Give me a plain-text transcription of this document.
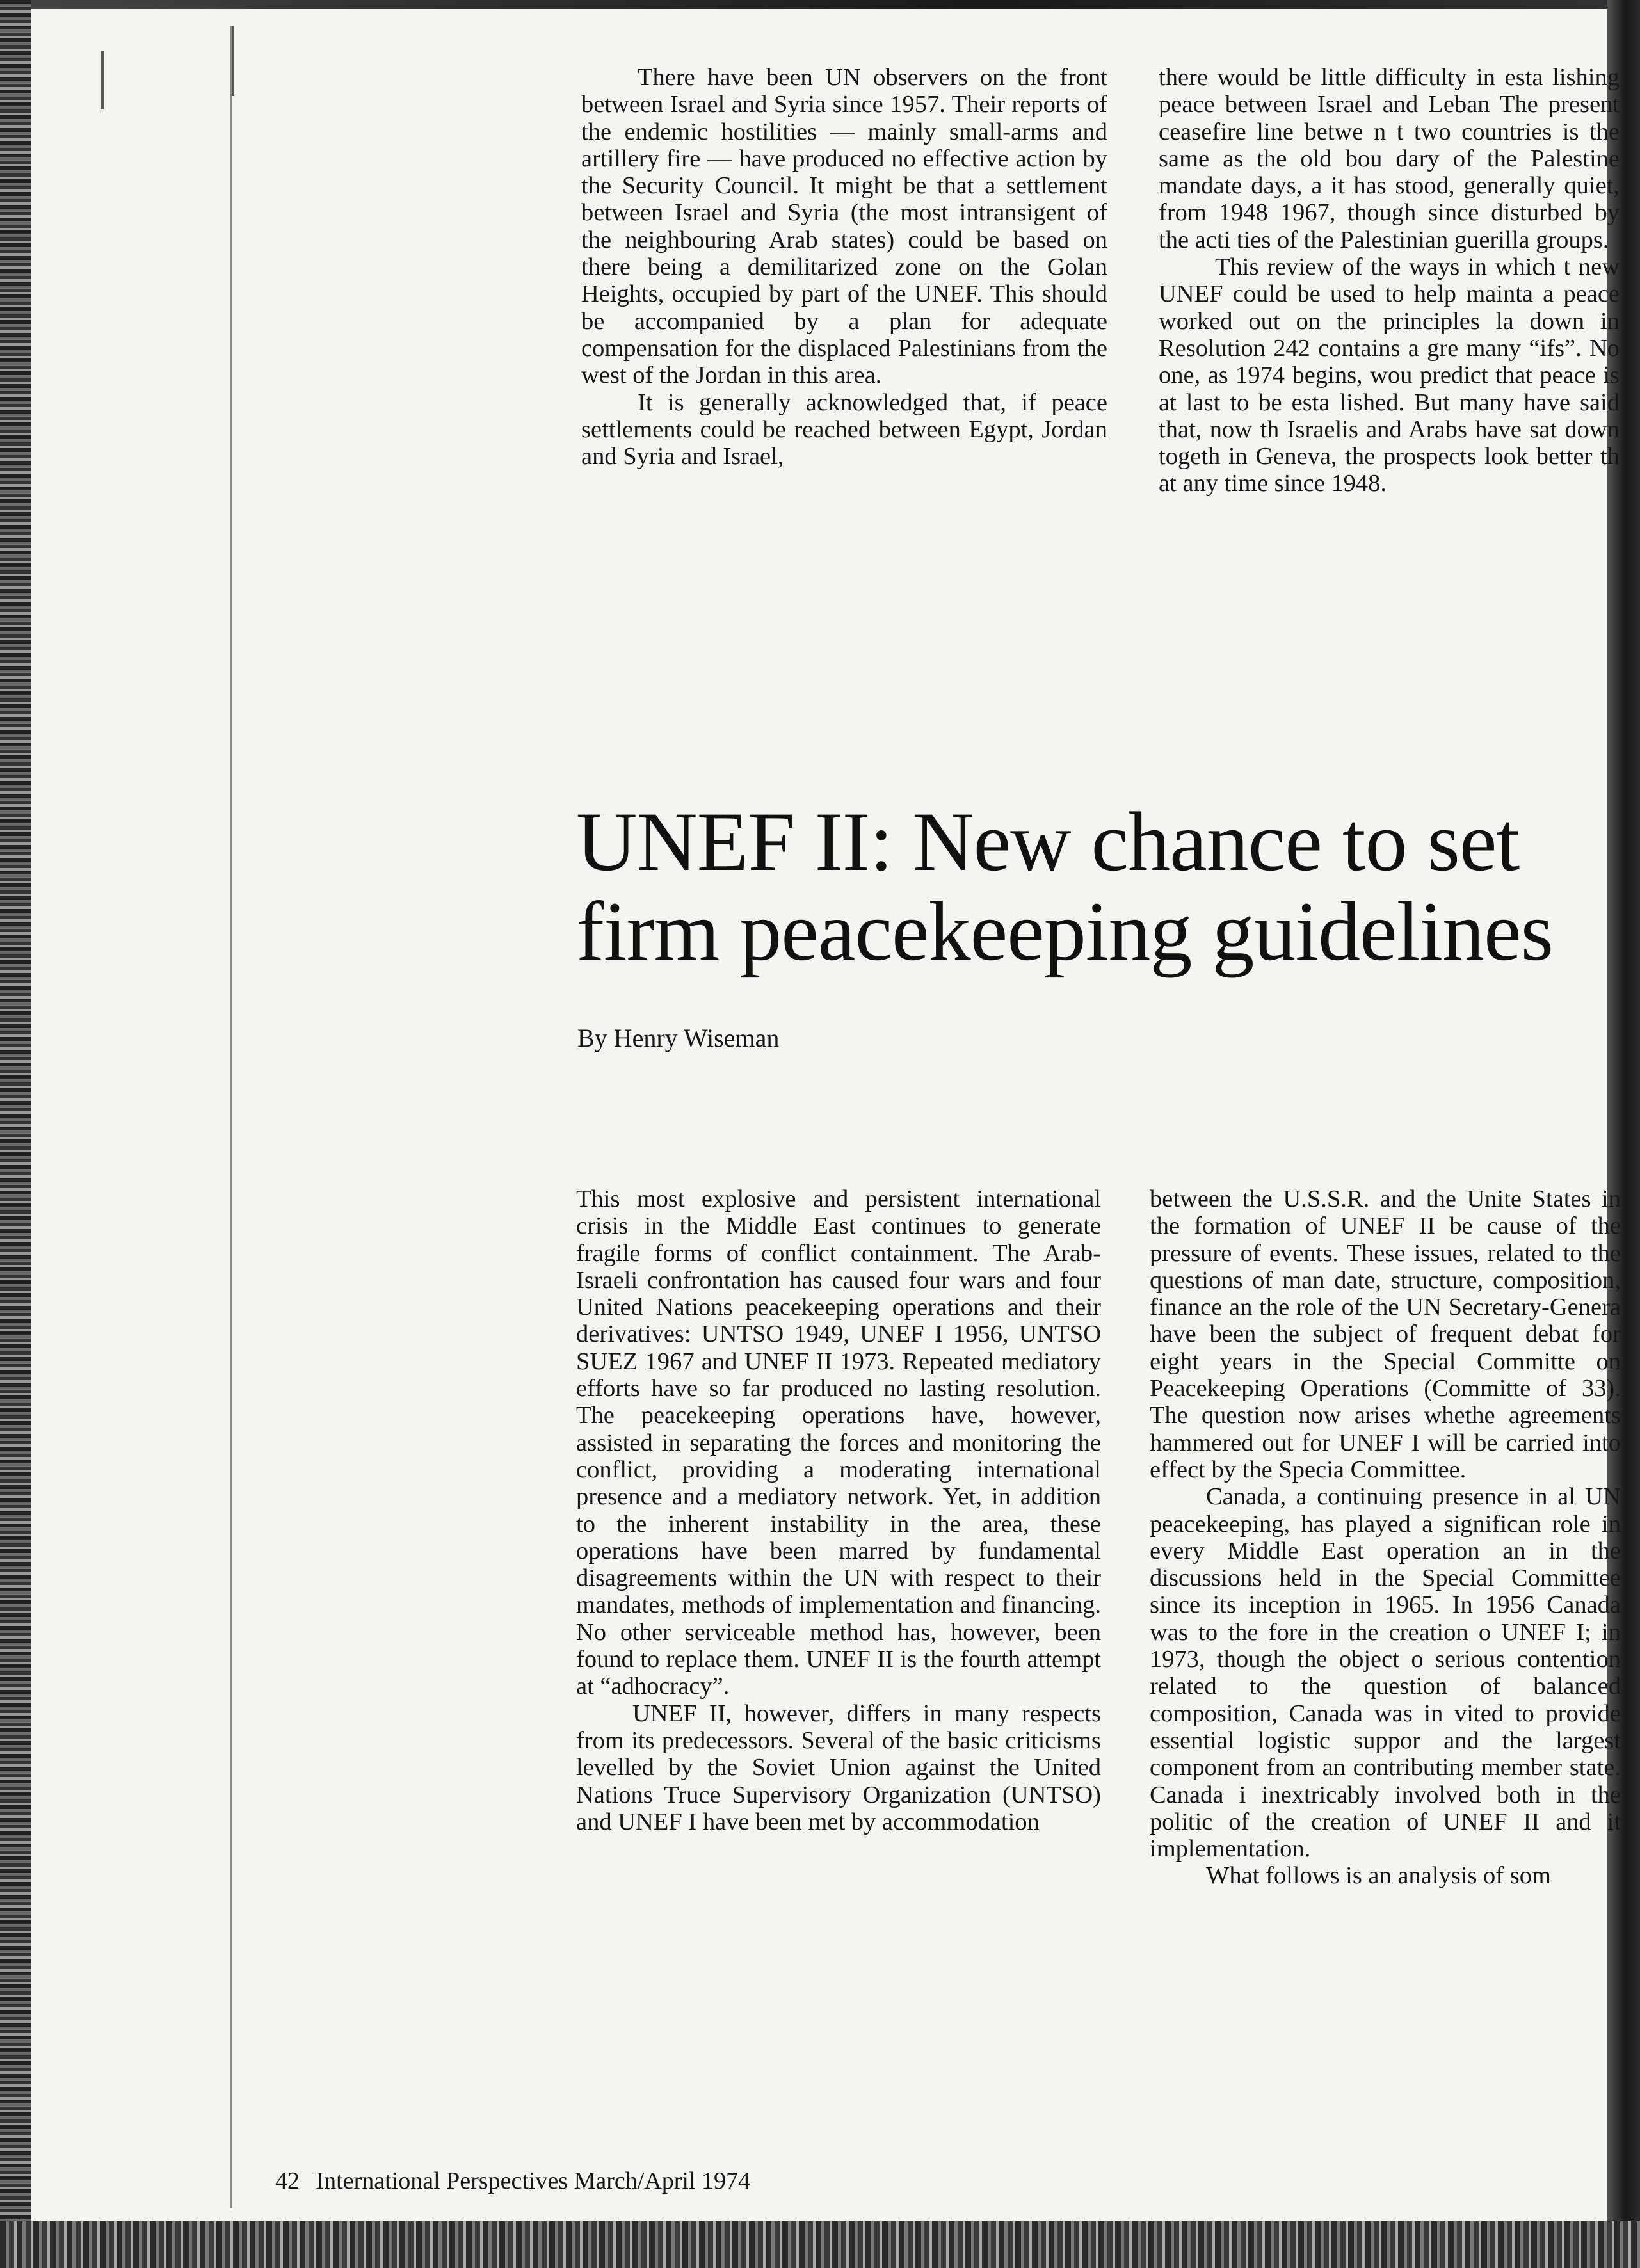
There have been UN observers on the front between Israel and Syria since 1957. Their reports of the endemic hostilities — mainly small-arms and artillery fire — have produced no effective action by the Security Council. It might be that a settlement between Israel and Syria (the most intransigent of the neighbouring Arab states) could be based on there being a demilitarized zone on the Golan Heights, occupied by part of the UNEF. This should be accompanied by a plan for adequate compensation for the displaced Palestinians from the west of the Jordan in this area.

It is generally acknowledged that, if peace settlements could be reached between Egypt, Jordan and Syria and Israel,

there would be little difficulty in esta lishing peace between Israel and Leban The present ceasefire line betwe n t two countries is the same as the old bou dary of the Palestine mandate days, a it has stood, generally quiet, from 1948 1967, though since disturbed by the acti ties of the Palestinian guerilla groups.

This review of the ways in which t new UNEF could be used to help mainta a peace worked out on the principles la down in Resolution 242 contains a gre many “ifs”. No one, as 1974 begins, wou predict that peace is at last to be esta lished. But many have said that, now th Israelis and Arabs have sat down togeth in Geneva, the prospects look better th at any time since 1948.

UNEF II: New chance to set firm peacekeeping guidelines
By Henry Wiseman

This most explosive and persistent international crisis in the Middle East continues to generate fragile forms of conflict containment. The Arab-Israeli confrontation has caused four wars and four United Nations peacekeeping operations and their derivatives: UNTSO 1949, UNEF I 1956, UNTSO SUEZ 1967 and UNEF II 1973. Repeated mediatory efforts have so far produced no lasting resolution. The peacekeeping operations have, however, assisted in separating the forces and monitoring the conflict, providing a moderating international presence and a mediatory network. Yet, in addition to the inherent instability in the area, these operations have been marred by fundamental disagreements within the UN with respect to their mandates, methods of implementation and financing. No other serviceable method has, however, been found to replace them. UNEF II is the fourth attempt at “adhocracy”.

UNEF II, however, differs in many respects from its predecessors. Several of the basic criticisms levelled by the Soviet Union against the United Nations Truce Supervisory Organization (UNTSO) and UNEF I have been met by accommodation

between the U.S.S.R. and the Unite States in the formation of UNEF II be cause of the pressure of events. These issues, related to the questions of man date, structure, composition, finance an the role of the UN Secretary-Genera have been the subject of frequent debat for eight years in the Special Committe on Peacekeeping Operations (Committe of 33). The question now arises whethe agreements hammered out for UNEF I will be carried into effect by the Specia Committee.

Canada, a continuing presence in al UN peacekeeping, has played a significan role in every Middle East operation an in the discussions held in the Special Committee since its inception in 1965. In 1956 Canada was to the fore in the creation o UNEF I; in 1973, though the object o serious contention related to the question of balanced composition, Canada was in vited to provide essential logistic suppor and the largest component from an contributing member state. Canada i inextricably involved both in the politic of the creation of UNEF II and it implementation.

What follows is an analysis of som

42 International Perspectives March/April 1974
